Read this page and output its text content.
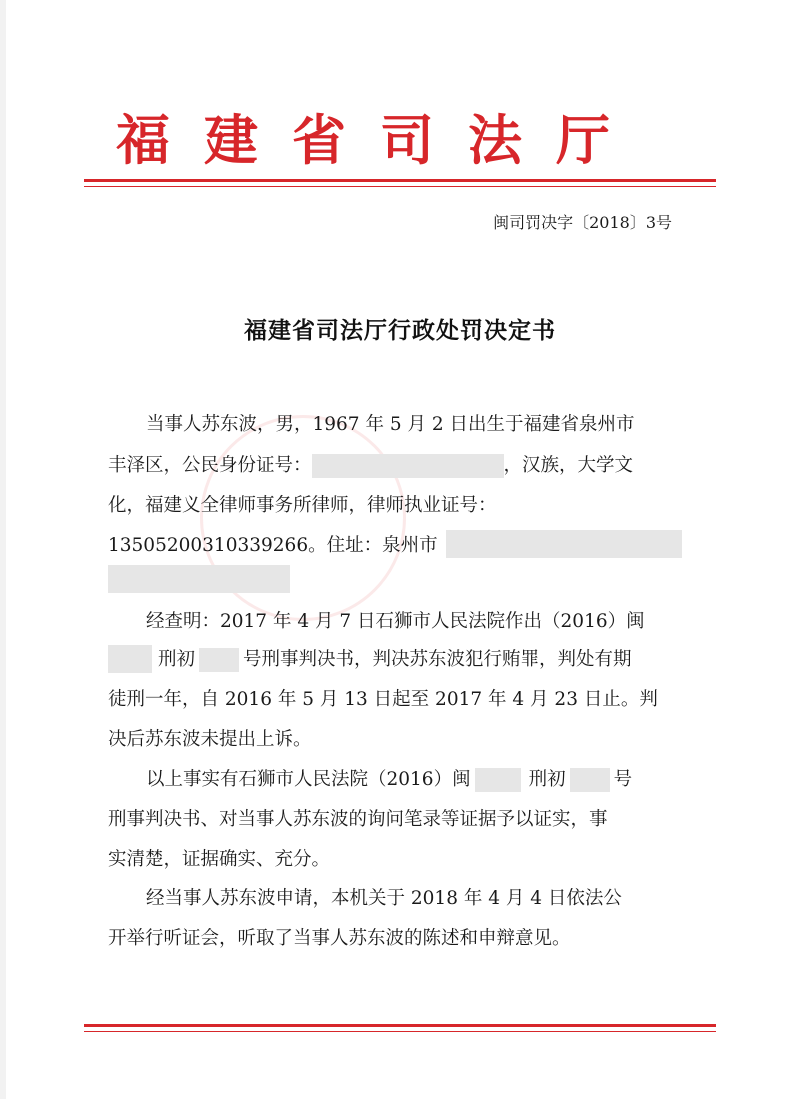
福建省司法厅
闽司罚决字〔2018〕3号
福建省司法厅行政处罚决定书
当事人苏东波，男，1967 年 5 月 2 日出生于福建省泉州市
丰泽区，公民身份证号：	，汉族，大学文
化，福建义全律师事务所律师，律师执业证号：
13505200310339266。住址：泉州市
经查明：2017 年 4 月 7 日石狮市人民法院作出（2016）闽
刑初	号刑事判决书，判决苏东波犯行贿罪，判处有期
徒刑一年，自 2016 年 5 月 13 日起至 2017 年 4 月 23 日止。判
决后苏东波未提出上诉。
以上事实有石狮市人民法院（2016）闽	刑初	号
刑事判决书、对当事人苏东波的询问笔录等证据予以证实，事
实清楚，证据确实、充分。
经当事人苏东波申请，本机关于 2018 年 4 月 4 日依法公
开举行听证会，听取了当事人苏东波的陈述和申辩意见。
